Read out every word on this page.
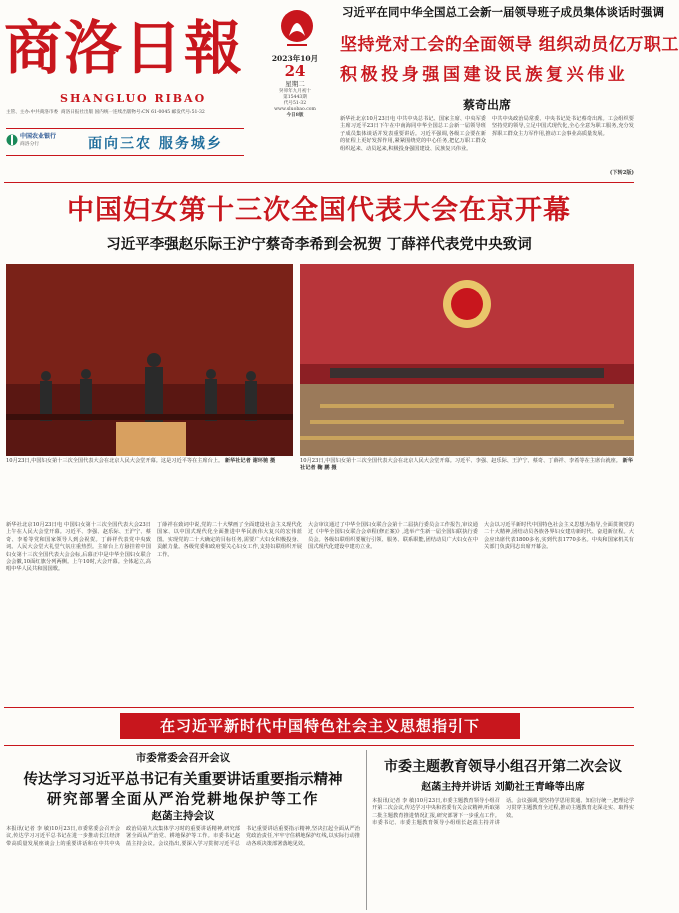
商洛日報
SHANGLUO RIBAO
主管、主办:中共商洛市委 商洛日报社出版 国内统一连续出版物号:CN 61-0045 邮发代号:51-32
中国农业银行
商洛分行	面向三农 服务城乡
2023年10月
24
星期二
癸卯年九月初十
第15443期
代号51-32
www.sluobao.com
今日8版
习近平在同中华全国总工会新一届领导班子成员集体谈话时强调
坚持党对工会的全面领导 组织动员亿万职工
积极投身强国建设民族复兴伟业
蔡奇出席
新华社北京10月23日电 中共中央总书记、国家主席、中央军委主席习近平23日下午在中南海同中华全国总工会新一届领导班子成员集体谈话并发表重要讲话。习近平强调,各级工会要在新的征程上更好发挥作用,紧紧围绕党的中心任务,把亿万职工群众组织起来、动员起来,积极投身强国建设、民族复兴伟业。
中共中央政治局常委、中央书记处书记蔡奇出席。工会组织要坚持党的领导,立足中国式现代化,全心全意为职工服务,充分发挥职工群众主力军作用,推动工会事业高质量发展。
(下转2版)
中国妇女第十三次全国代表大会在京开幕
习近平李强赵乐际王沪宁蔡奇李希到会祝贺 丁薛祥代表党中央致词
10月23日,中国妇女第十三次全国代表大会在北京人民大会堂开幕。这是习近平等在主席台上。 新华社记者 谢环驰 摄	10月23日,中国妇女第十三次全国代表大会在北京人民大会堂开幕。习近平、李强、赵乐际、王沪宁、蔡奇、丁薛祥、李希等在主席台就座。 新华社记者 鞠 鹏 摄
新华社北京10月23日电 中国妇女第十三次全国代表大会23日上午在人民大会堂开幕。习近平、李强、赵乐际、王沪宁、蔡奇、李希等党和国家领导人到会祝贺。丁薛祥代表党中央致词。人民大会堂大礼堂气氛庄重热烈。主席台上方悬挂着中国妇女第十三次全国代表大会会标,后幕正中是中华全国妇女联合会会徽,10面红旗分列两侧。上午10时,大会开幕。全体起立,高唱中华人民共和国国歌。
丁薛祥在致词中说,党的二十大擘画了全面建设社会主义现代化国家、以中国式现代化全面推进中华民族伟大复兴的宏伟蓝图。实现党的二十大确定的目标任务,需要广大妇女积极投身、贡献力量。各级党委和政府要关心妇女工作,支持妇联组织开展工作。
大会审议通过了中华全国妇女联合会第十二届执行委员会工作报告,审议通过《中华全国妇女联合会章程(修正案)》,选举产生新一届全国妇联执行委员会。各级妇联组织要履行引领、服务、联系职能,团结动员广大妇女在中国式现代化建设中建功立业。
大会以习近平新时代中国特色社会主义思想为指导,全面贯彻党的二十大精神,团结动员各族各界妇女建功新时代、奋进新征程。大会应出席代表1800多名,实到代表1770多名。中央和国家机关有关部门负责同志出席开幕会。
在习近平新时代中国特色社会主义思想指引下
市委常委会召开会议
传达学习习近平总书记有关重要讲话重要指示精神
研究部署全面从严治党耕地保护等工作
赵菡主持会议
本报讯(记者 李 敏)10月23日,市委常委会召开会议,传达学习习近平总书记在进一步推动长江经济带高质量发展座谈会上的重要讲话和在中共中央政治局第九次集体学习时的重要讲话精神,研究部署全面从严治党、耕地保护等工作。市委书记赵菡主持会议。会议指出,要深入学习贯彻习近平总书记重要讲话重要指示精神,坚决扛起全面从严治党政治责任,牢牢守住耕地保护红线,以实际行动推动各项决策部署落地见效。
市委主题教育领导小组召开第二次会议
赵菡主持并讲话 刘勤社王青峰等出席
本报讯(记者 李 敏)10月23日,市委主题教育领导小组召开第二次会议,传达学习中央和省委有关会议精神,听取第二批主题教育推进情况汇报,研究部署下一步重点工作。市委书记、市委主题教育领导小组组长赵菡主持并讲话。会议强调,要坚持学思用贯通、知信行统一,把理论学习贯穿主题教育全过程,推动主题教育走深走实、取得实效。
